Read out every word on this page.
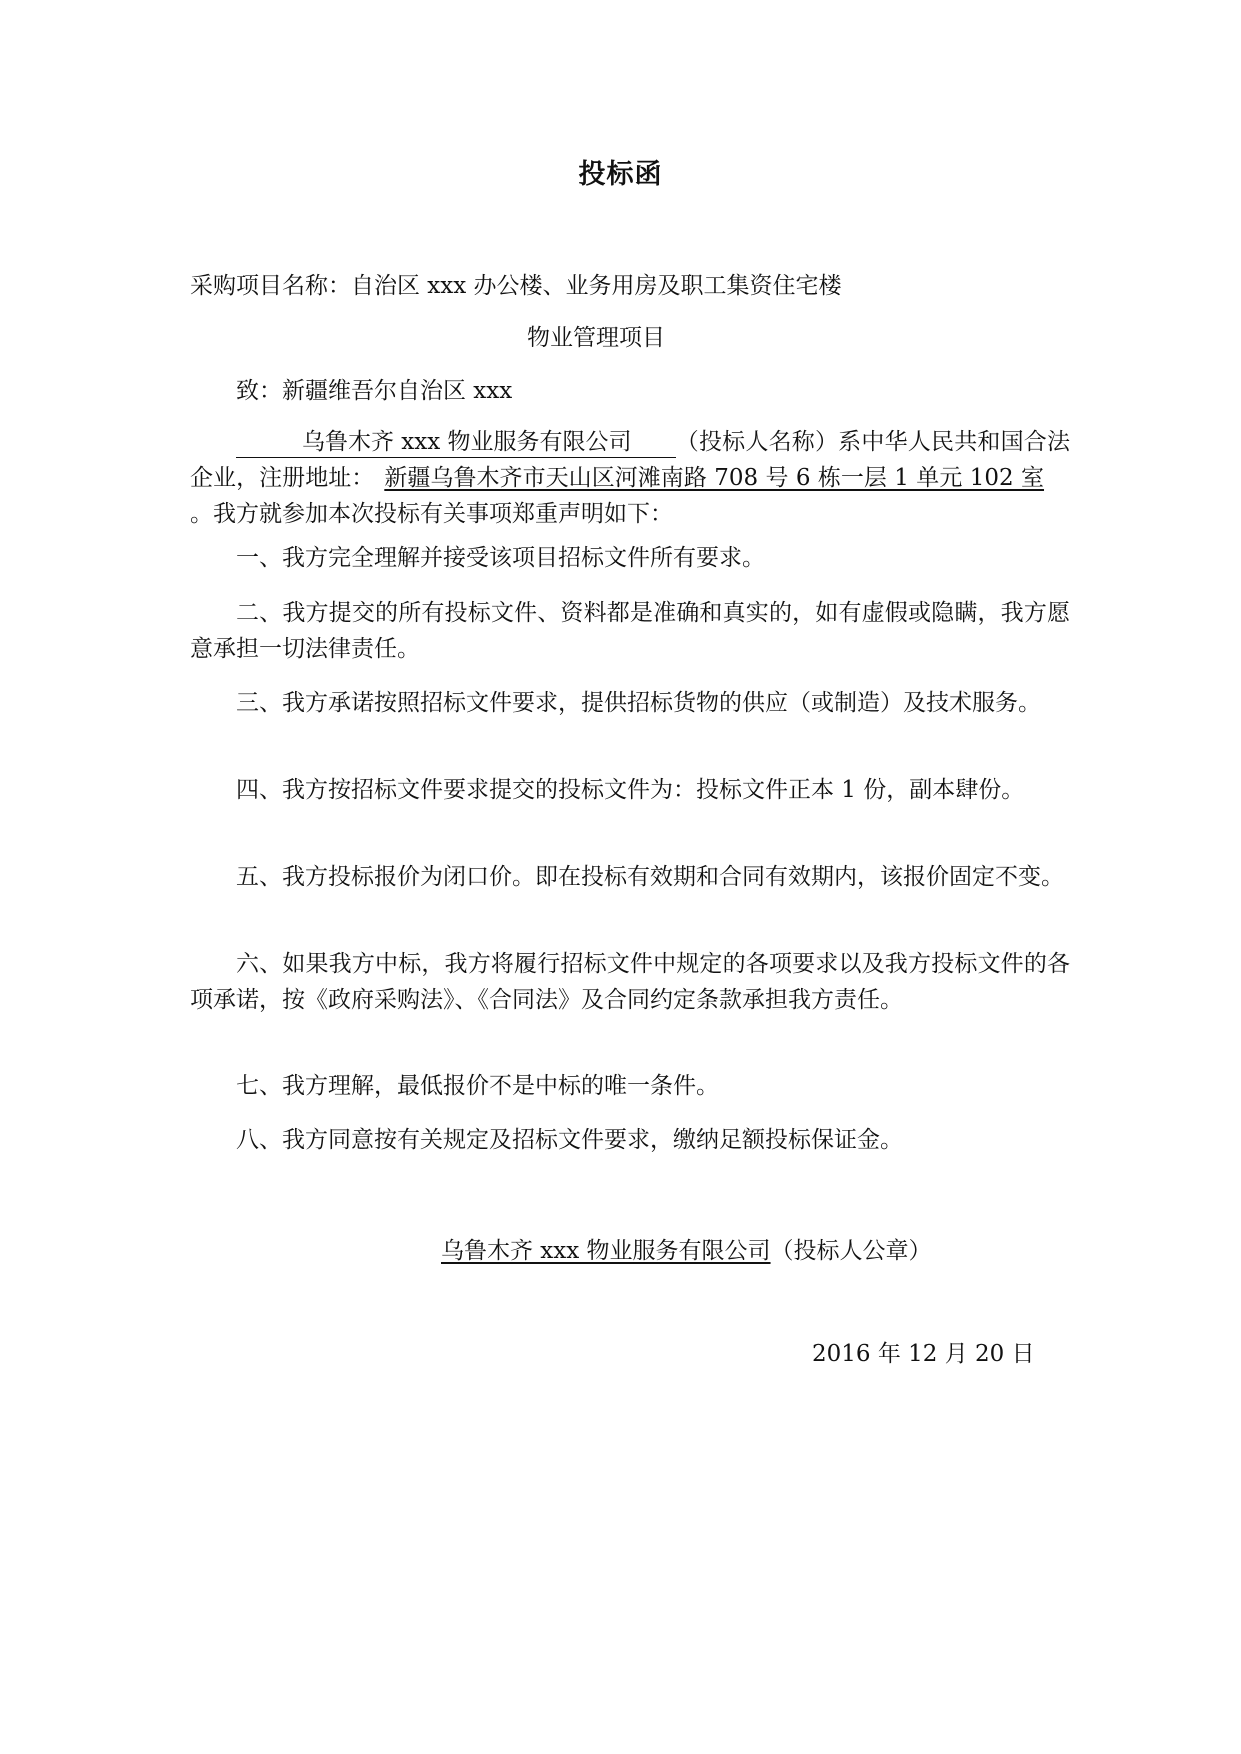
投标函
采购项目名称：自治区 xxx 办公楼、业务用房及职工集资住宅楼
物业管理项目
致：新疆维吾尔自治区 xxx
乌鲁木齐 xxx 物业服务有限公司 （投标人名称）系中华人民共和国合法企业，注册地址： 新疆乌鲁木齐市天山区河滩南路 708 号 6 栋一层 1 单元 102 室。我方就参加本次投标有关事项郑重声明如下：
一、我方完全理解并接受该项目招标文件所有要求。
二、我方提交的所有投标文件、资料都是准确和真实的，如有虚假或隐瞒，我方愿意承担一切法律责任。
三、我方承诺按照招标文件要求，提供招标货物的供应（或制造）及技术服务。
四、我方按招标文件要求提交的投标文件为：投标文件正本 1 份，副本肆份。
五、我方投标报价为闭口价。即在投标有效期和合同有效期内，该报价固定不变。
六、如果我方中标，我方将履行招标文件中规定的各项要求以及我方投标文件的各项承诺，按《政府采购法》、《合同法》及合同约定条款承担我方责任。
七、我方理解，最低报价不是中标的唯一条件。
八、我方同意按有关规定及招标文件要求，缴纳足额投标保证金。
乌鲁木齐 xxx 物业服务有限公司（投标人公章）
2016 年 12 月 20 日
